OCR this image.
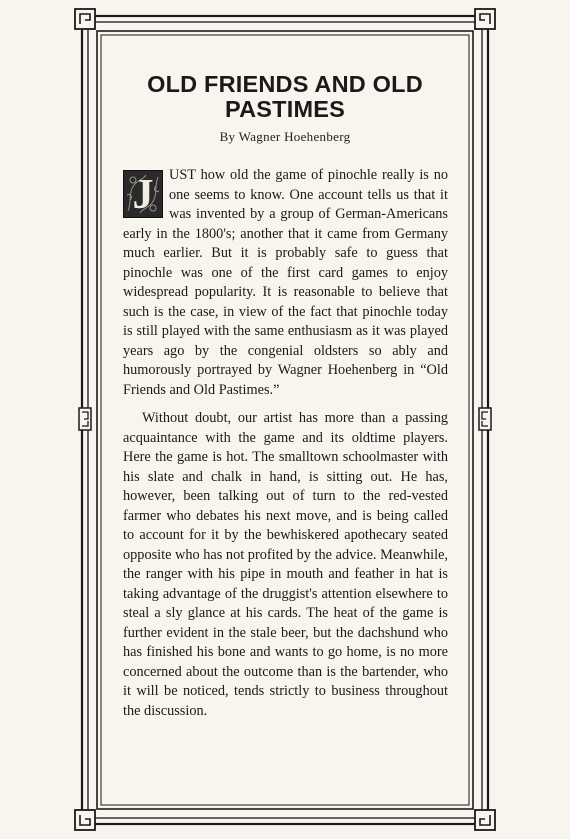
OLD FRIENDS AND OLD PASTIMES
By Wagner Hoehenberg

J	UST how old the game of pinochle really is no one seems to know. One account tells us that it was invented by a group of German-Americans early in the 1800's; another that it came from Germany much earlier. But it is probably safe to guess that pinochle was one of the first card games to enjoy widespread popularity. It is reasonable to believe that such is the case, in view of the fact that pinochle today is still played with the same enthusiasm as it was played years ago by the congenial oldsters so ably and humorously portrayed by Wagner Hoehenberg in “Old Friends and Old Pastimes.”

Without doubt, our artist has more than a passing acquaintance with the game and its oldtime players. Here the game is hot. The smalltown schoolmaster with his slate and chalk in hand, is sitting out. He has, however, been talking out of turn to the red-vested farmer who debates his next move, and is being called to account for it by the bewhiskered apothecary seated opposite who has not profited by the advice. Meanwhile, the ranger with his pipe in mouth and feather in hat is taking advantage of the druggist's attention elsewhere to steal a sly glance at his cards. The heat of the game is further evident in the stale beer, but the dachshund who has finished his bone and wants to go home, is no more concerned about the outcome than is the bartender, who it will be noticed, tends strictly to business throughout the discussion.
